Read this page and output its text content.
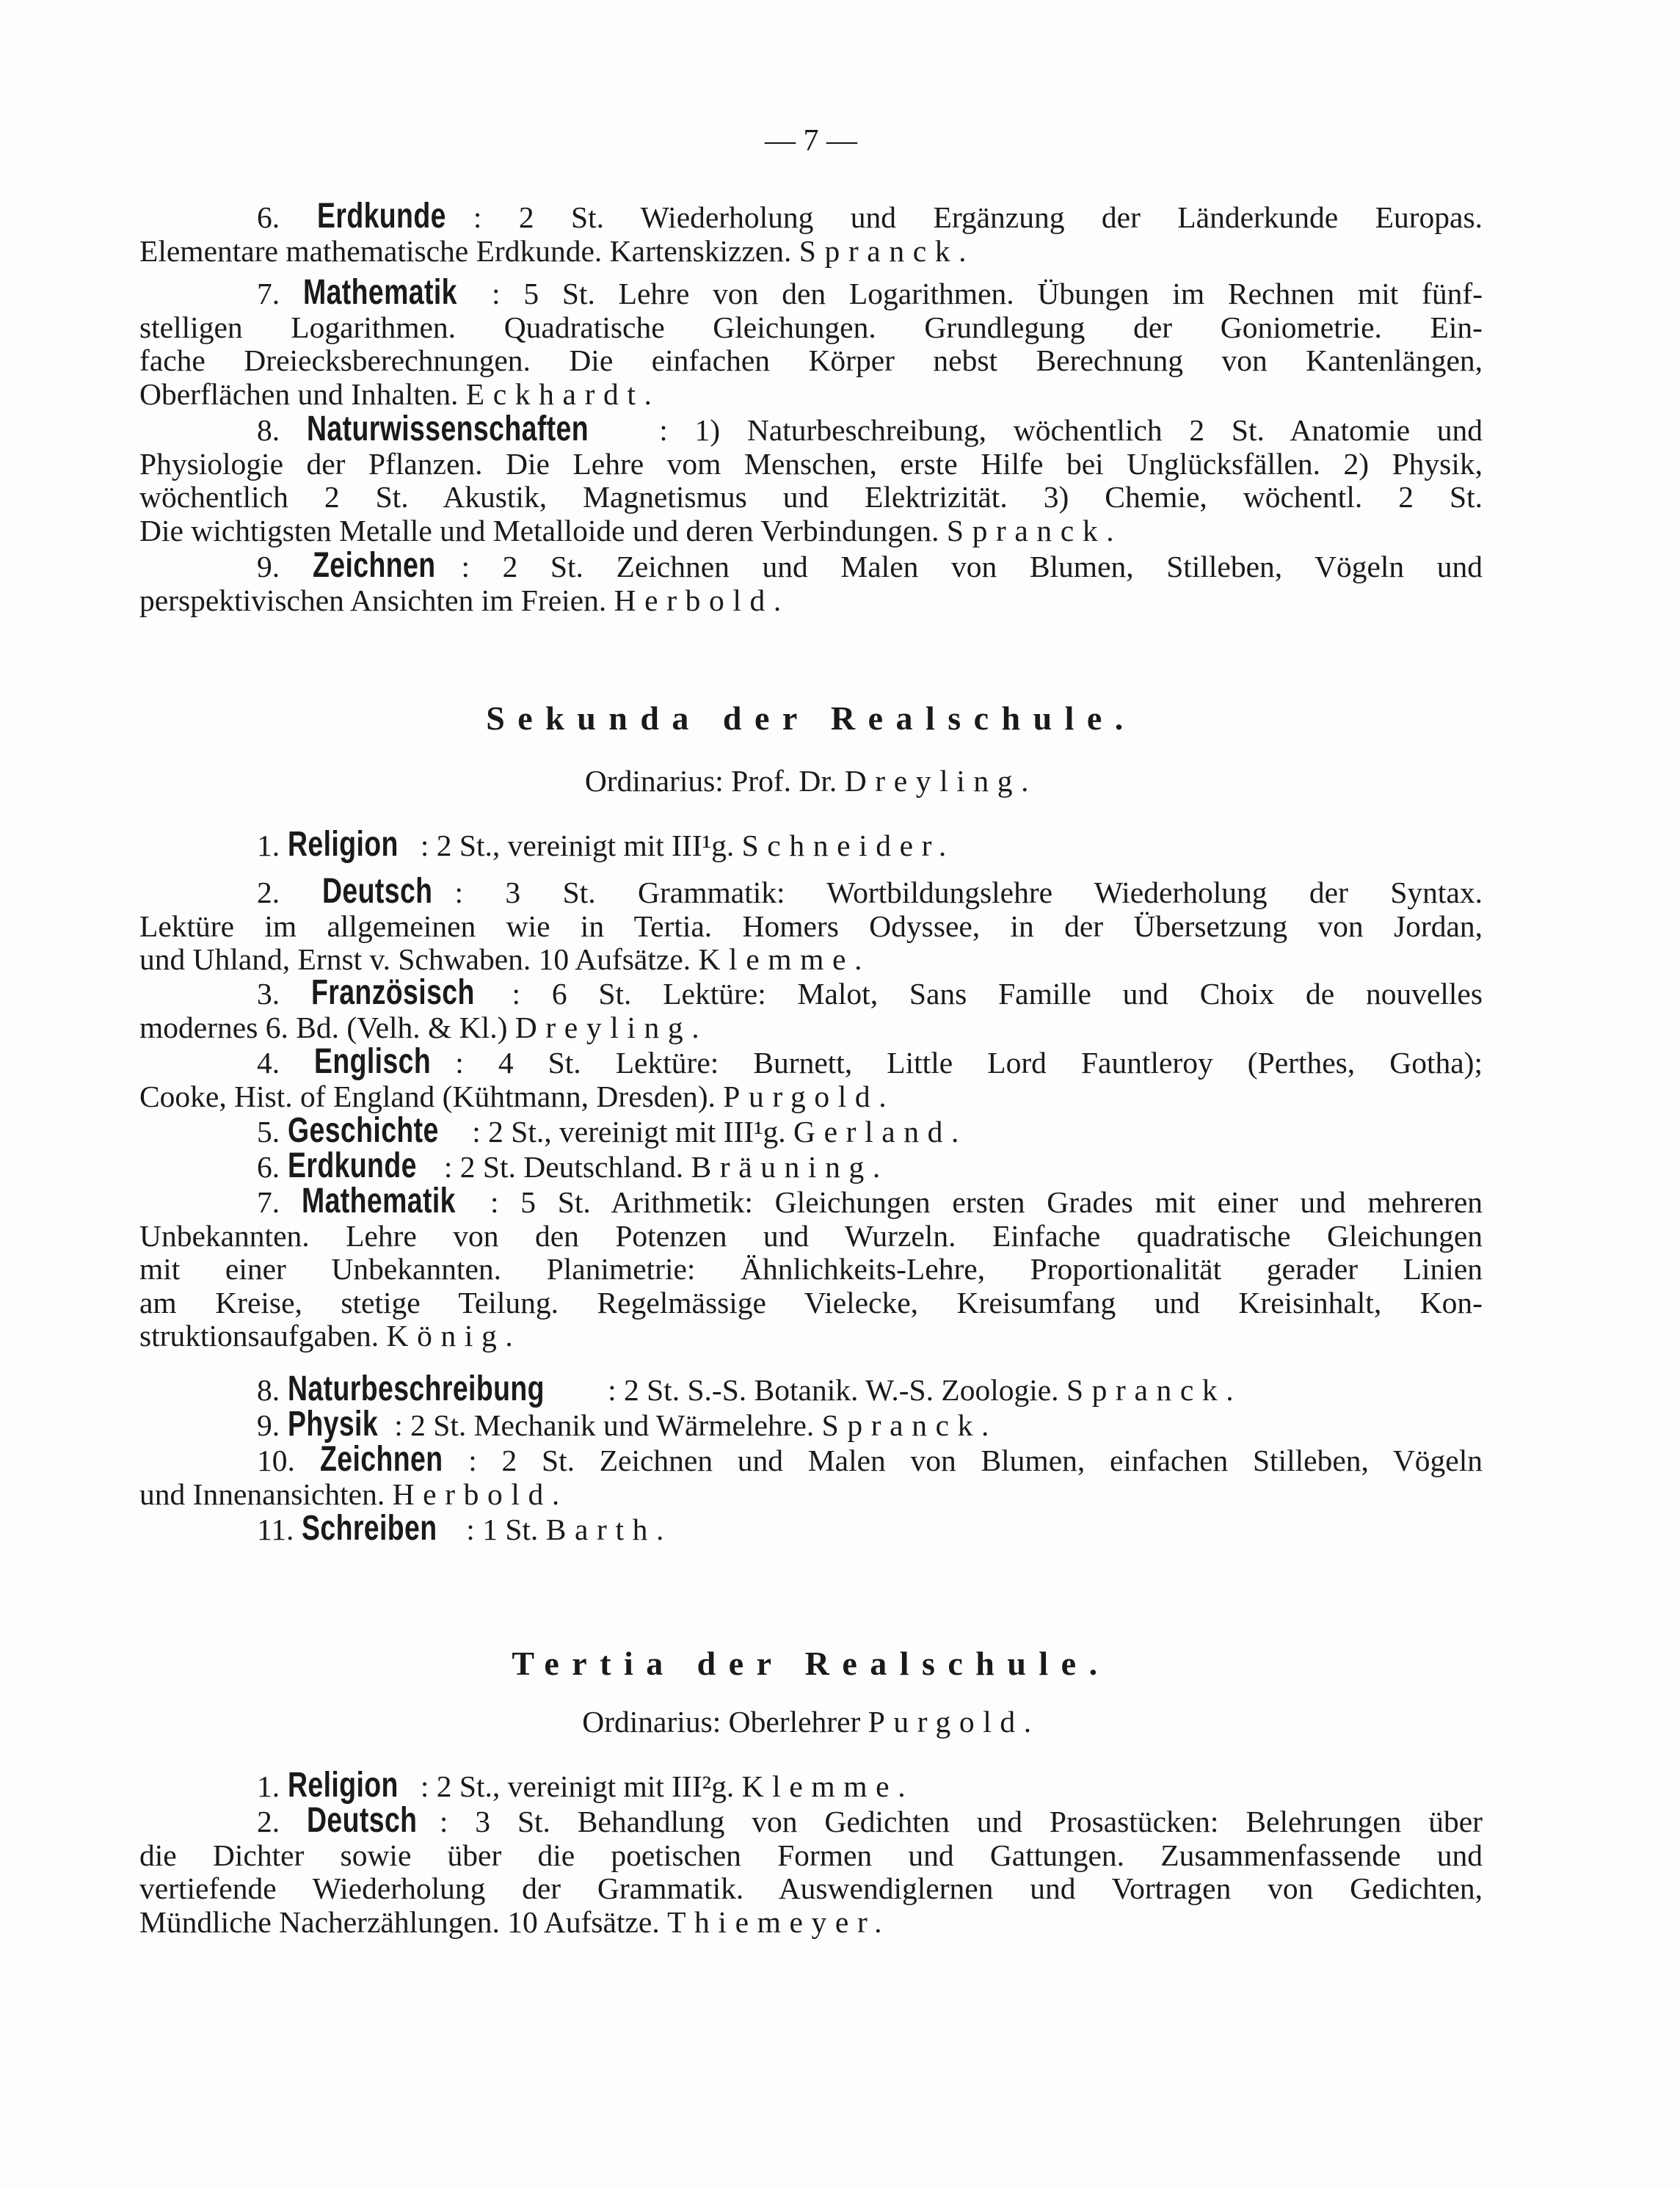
— 7 —
6. Erdkunde : 2 St. Wiederholung und Ergänzung der Länderkunde Europas.
Elementare mathematische Erdkunde. Kartenskizzen. Spranck.
7. Mathematik : 5 St. Lehre von den Logarithmen. Übungen im Rechnen mit fünf-
stelligen Logarithmen. Quadratische Gleichungen. Grundlegung der Goniometrie. Ein-
fache Dreiecksberechnungen. Die einfachen Körper nebst Berechnung von Kantenlängen,
Oberflächen und Inhalten. Eckhardt.
8. Naturwissenschaften : 1) Naturbeschreibung, wöchentlich 2 St. Anatomie und
Physiologie der Pflanzen. Die Lehre vom Menschen, erste Hilfe bei Unglücksfällen. 2) Physik,
wöchentlich 2 St. Akustik, Magnetismus und Elektrizität. 3) Chemie, wöchentl. 2 St.
Die wichtigsten Metalle und Metalloide und deren Verbindungen. Spranck.
9. Zeichnen : 2 St. Zeichnen und Malen von Blumen, Stilleben, Vögeln und
perspektivischen Ansichten im Freien. Herbold.
Sekunda der Realschule.
Ordinarius: Prof. Dr. Dreyling.
1. Religion : 2 St., vereinigt mit III¹g. Schneider.
2. Deutsch : 3 St. Grammatik: Wortbildungslehre Wiederholung der Syntax.
Lektüre im allgemeinen wie in Tertia. Homers Odyssee, in der Übersetzung von Jordan,
und Uhland, Ernst v. Schwaben. 10 Aufsätze. Klemme.
3. Französisch : 6 St. Lektüre: Malot, Sans Famille und Choix de nouvelles
modernes 6. Bd. (Velh. & Kl.) Dreyling.
4. Englisch : 4 St. Lektüre: Burnett, Little Lord Fauntleroy (Perthes, Gotha);
Cooke, Hist. of England (Kühtmann, Dresden). Purgold.
5. Geschichte : 2 St., vereinigt mit III¹g. Gerland.
6. Erdkunde : 2 St. Deutschland. Bräuning.
7. Mathematik : 5 St. Arithmetik: Gleichungen ersten Grades mit einer und mehreren
Unbekannten. Lehre von den Potenzen und Wurzeln. Einfache quadratische Gleichungen
mit einer Unbekannten. Planimetrie: Ähnlichkeits-Lehre, Proportionalität gerader Linien
am Kreise, stetige Teilung. Regelmässige Vielecke, Kreisumfang und Kreisinhalt, Kon-
struktionsaufgaben. König.
8. Naturbeschreibung : 2 St. S.-S. Botanik. W.-S. Zoologie. Spranck.
9. Physik : 2 St. Mechanik und Wärmelehre. Spranck.
10. Zeichnen : 2 St. Zeichnen und Malen von Blumen, einfachen Stilleben, Vögeln
und Innenansichten. Herbold.
11. Schreiben : 1 St. Barth.
Tertia der Realschule.
Ordinarius: Oberlehrer Purgold.
1. Religion : 2 St., vereinigt mit III²g. Klemme.
2. Deutsch : 3 St. Behandlung von Gedichten und Prosastücken: Belehrungen über
die Dichter sowie über die poetischen Formen und Gattungen. Zusammenfassende und
vertiefende Wiederholung der Grammatik. Auswendiglernen und Vortragen von Gedichten,
Mündliche Nacherzählungen. 10 Aufsätze. Thiemeyer.
